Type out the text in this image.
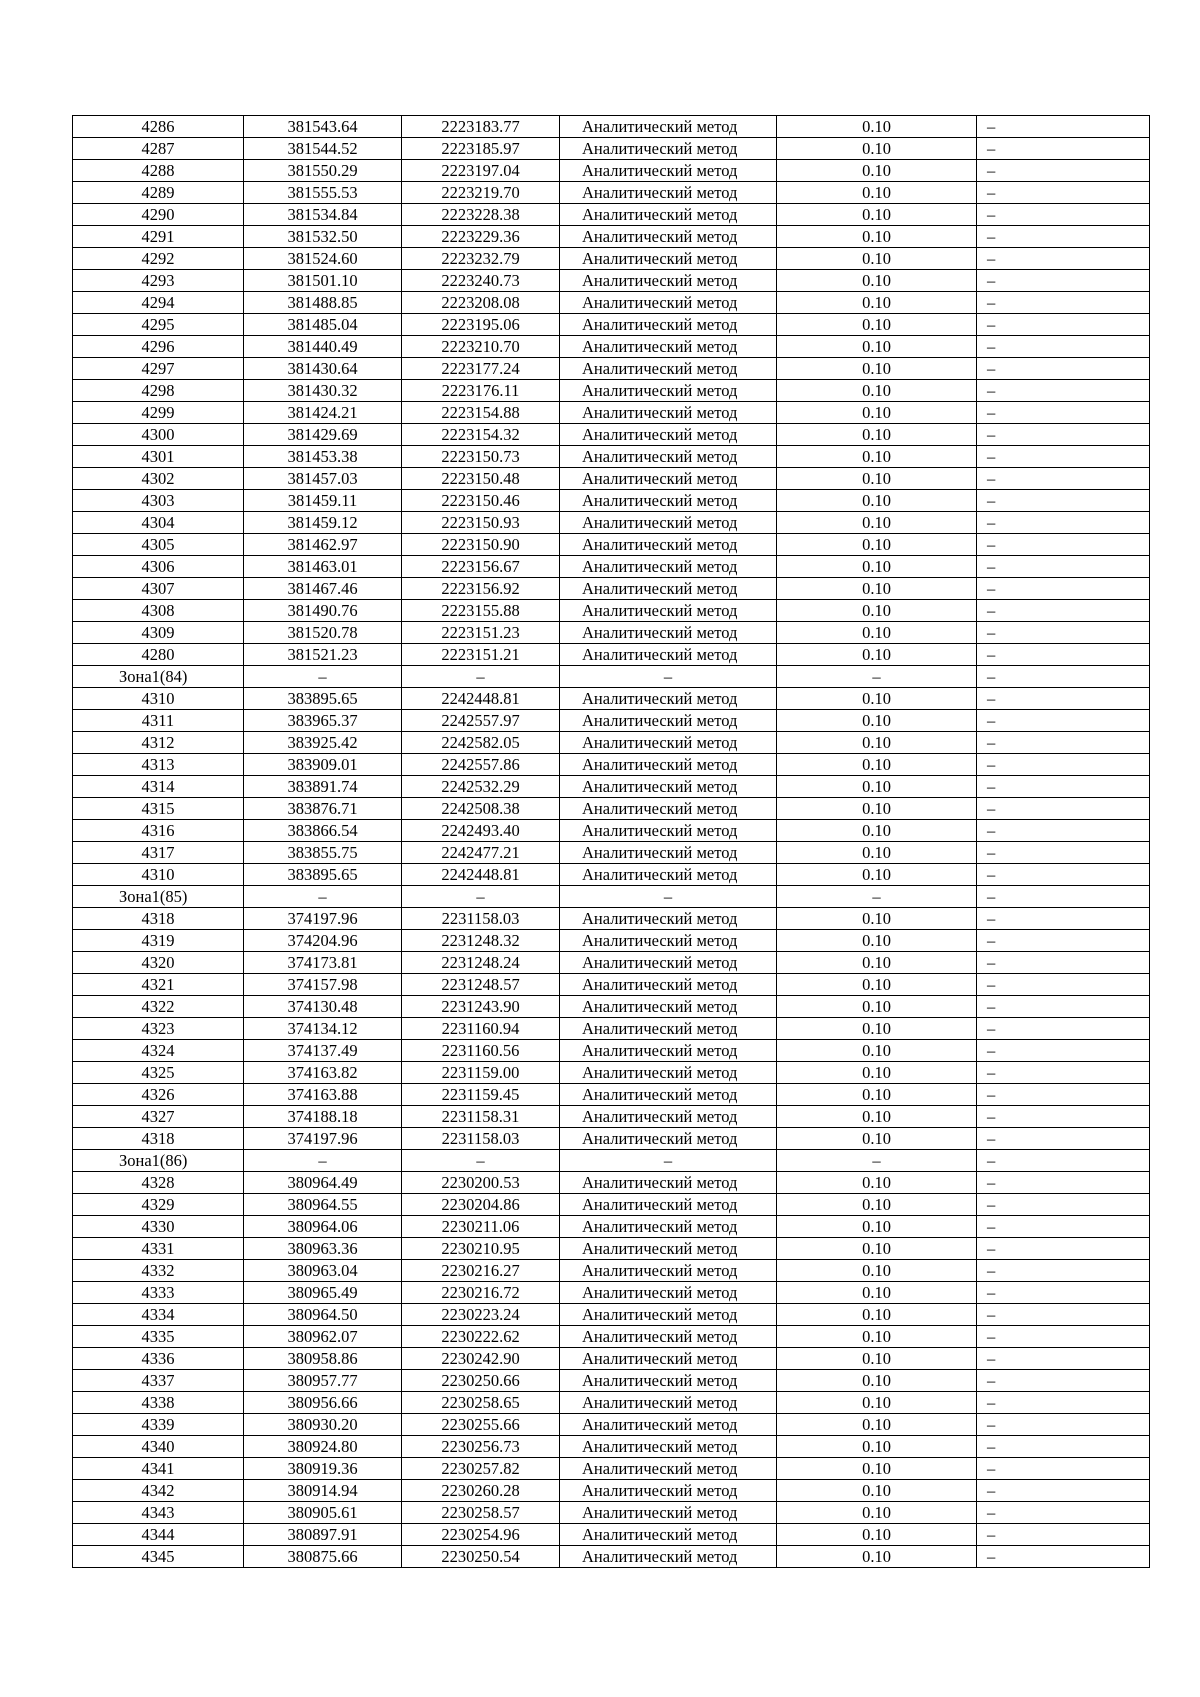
4286	381543.64	2223183.77	Аналитический метод	0.10	–
4287	381544.52	2223185.97	Аналитический метод	0.10	–
4288	381550.29	2223197.04	Аналитический метод	0.10	–
4289	381555.53	2223219.70	Аналитический метод	0.10	–
4290	381534.84	2223228.38	Аналитический метод	0.10	–
4291	381532.50	2223229.36	Аналитический метод	0.10	–
4292	381524.60	2223232.79	Аналитический метод	0.10	–
4293	381501.10	2223240.73	Аналитический метод	0.10	–
4294	381488.85	2223208.08	Аналитический метод	0.10	–
4295	381485.04	2223195.06	Аналитический метод	0.10	–
4296	381440.49	2223210.70	Аналитический метод	0.10	–
4297	381430.64	2223177.24	Аналитический метод	0.10	–
4298	381430.32	2223176.11	Аналитический метод	0.10	–
4299	381424.21	2223154.88	Аналитический метод	0.10	–
4300	381429.69	2223154.32	Аналитический метод	0.10	–
4301	381453.38	2223150.73	Аналитический метод	0.10	–
4302	381457.03	2223150.48	Аналитический метод	0.10	–
4303	381459.11	2223150.46	Аналитический метод	0.10	–
4304	381459.12	2223150.93	Аналитический метод	0.10	–
4305	381462.97	2223150.90	Аналитический метод	0.10	–
4306	381463.01	2223156.67	Аналитический метод	0.10	–
4307	381467.46	2223156.92	Аналитический метод	0.10	–
4308	381490.76	2223155.88	Аналитический метод	0.10	–
4309	381520.78	2223151.23	Аналитический метод	0.10	–
4280	381521.23	2223151.21	Аналитический метод	0.10	–
Зона1(84)	–	–	–	–	–
4310	383895.65	2242448.81	Аналитический метод	0.10	–
4311	383965.37	2242557.97	Аналитический метод	0.10	–
4312	383925.42	2242582.05	Аналитический метод	0.10	–
4313	383909.01	2242557.86	Аналитический метод	0.10	–
4314	383891.74	2242532.29	Аналитический метод	0.10	–
4315	383876.71	2242508.38	Аналитический метод	0.10	–
4316	383866.54	2242493.40	Аналитический метод	0.10	–
4317	383855.75	2242477.21	Аналитический метод	0.10	–
4310	383895.65	2242448.81	Аналитический метод	0.10	–
Зона1(85)	–	–	–	–	–
4318	374197.96	2231158.03	Аналитический метод	0.10	–
4319	374204.96	2231248.32	Аналитический метод	0.10	–
4320	374173.81	2231248.24	Аналитический метод	0.10	–
4321	374157.98	2231248.57	Аналитический метод	0.10	–
4322	374130.48	2231243.90	Аналитический метод	0.10	–
4323	374134.12	2231160.94	Аналитический метод	0.10	–
4324	374137.49	2231160.56	Аналитический метод	0.10	–
4325	374163.82	2231159.00	Аналитический метод	0.10	–
4326	374163.88	2231159.45	Аналитический метод	0.10	–
4327	374188.18	2231158.31	Аналитический метод	0.10	–
4318	374197.96	2231158.03	Аналитический метод	0.10	–
Зона1(86)	–	–	–	–	–
4328	380964.49	2230200.53	Аналитический метод	0.10	–
4329	380964.55	2230204.86	Аналитический метод	0.10	–
4330	380964.06	2230211.06	Аналитический метод	0.10	–
4331	380963.36	2230210.95	Аналитический метод	0.10	–
4332	380963.04	2230216.27	Аналитический метод	0.10	–
4333	380965.49	2230216.72	Аналитический метод	0.10	–
4334	380964.50	2230223.24	Аналитический метод	0.10	–
4335	380962.07	2230222.62	Аналитический метод	0.10	–
4336	380958.86	2230242.90	Аналитический метод	0.10	–
4337	380957.77	2230250.66	Аналитический метод	0.10	–
4338	380956.66	2230258.65	Аналитический метод	0.10	–
4339	380930.20	2230255.66	Аналитический метод	0.10	–
4340	380924.80	2230256.73	Аналитический метод	0.10	–
4341	380919.36	2230257.82	Аналитический метод	0.10	–
4342	380914.94	2230260.28	Аналитический метод	0.10	–
4343	380905.61	2230258.57	Аналитический метод	0.10	–
4344	380897.91	2230254.96	Аналитический метод	0.10	–
4345	380875.66	2230250.54	Аналитический метод	0.10	–
